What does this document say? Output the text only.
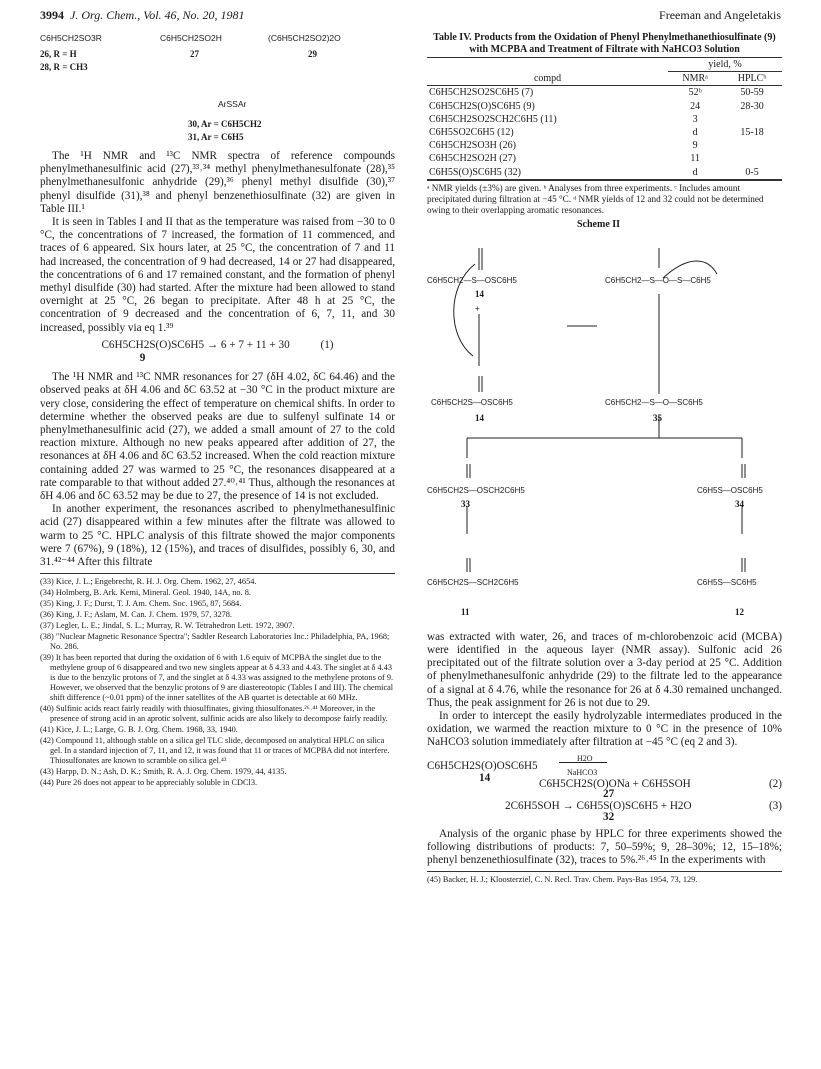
3994 J. Org. Chem., Vol. 46, No. 20, 1981	Freeman and Angeletakis
C6H5CH2SO3R	C6H5CH2SO2H	(C6H5CH2SO2)2O
26, R = H	27	29
28, R = CH3
ArSSAr
30, Ar = C6H5CH2
31, Ar = C6H5

The ¹H NMR and ¹³C NMR spectra of reference compounds phenylmethanesulfinic acid (27),³³˒³⁴ methyl phenylmethanesulfonate (28),³⁵ phenylmethanesulfonic anhydride (29),³⁶ phenyl methyl disulfide (30),³⁷ phenyl disulfide (31),³⁸ and phenyl benzenethiosulfinate (32) are given in Table III.¹

It is seen in Tables I and II that as the temperature was raised from −30 to 0 °C, the concentrations of 7 increased, the formation of 11 commenced, and traces of 6 appeared. Six hours later, at 25 °C, the concentration of 7 and 11 had increased, the concentration of 9 had decreased, 14 or 27 had disappeared, the concentrations of 6 and 17 remained constant, and the formation of phenyl methyl disulfide (30) had started. After the mixture had been allowed to stand overnight at 25 °C, 26 began to precipitate. After 48 h at 25 °C, the concentration of 9 decreased and the concentration of 6, 7, 11, and 30 increased, possibly via eq 1.³⁹

C6H5CH2S(O)SC6H5 → 6 + 7 + 11 + 30	(1)
9

The ¹H NMR and ¹³C NMR resonances for 27 (δH 4.02, δC 64.46) and the observed peaks at δH 4.06 and δC 63.52 at −30 °C in the product mixture are very close, considering the effect of temperature on chemical shifts. In order to determine whether the observed peaks are due to sulfenyl sulfinate 14 or phenylmethanesulfinic acid (27), we added a small amount of 27 to the cold reaction mixture. Although no new peaks appeared after addition of 27, the resonances at δH 4.06 and δC 63.52 increased. When the cold reaction mixture containing added 27 was warmed to 25 °C, the resonances disappeared at a rate comparable to that without added 27.⁴⁰˒⁴¹ Thus, although the resonances at δH 4.06 and δC 63.52 may be due to 27, the presence of 14 is not excluded.

In another experiment, the resonances ascribed to phenylmethanesulfinic acid (27) disappeared within a few minutes after the filtrate was allowed to warm to 25 °C. HPLC analysis of this filtrate showed the major components were 7 (67%), 9 (18%), 12 (15%), and traces of disulfides, possibly 6, 30, and 31.⁴²⁻⁴⁴ After this filtrate

(33) Kice, J. L.; Engebrecht, R. H. J. Org. Chem. 1962, 27, 4654.
(34) Holmberg, B. Ark. Kemi, Mineral. Geol. 1940, 14A, no. 8.
(35) King, J. F.; Durst, T. J. Am. Chem. Soc. 1965, 87, 5684.
(36) King, J. F.; Aslam, M. Can. J. Chem. 1979, 57, 3278.
(37) Legler, L. E.; Jindal, S. L.; Murray, R. W. Tetrahedron Lett. 1972, 3907.
(38) "Nuclear Magnetic Resonance Spectra"; Sadtler Research Laboratories Inc.: Philadelphia, PA, 1968; No. 286.
(39) It has been reported that during the oxidation of 6 with 1.6 equiv of MCPBA the singlet due to the methylene group of 6 disappeared and two new singlets appear at δ 4.33 and 4.43. The singlet at δ 4.43 is due to the benzylic protons of 7, and the singlet at δ 4.33 was assigned to the methylene protons of 9. However, we observed that the benzylic protons of 9 are diastereotopic (Tables I and III). The chemical shift difference (~0.01 ppm) of the inner satellites of the AB quartet is detectable at 60 MHz.
(40) Sulfinic acids react fairly readily with thiosulfinates, giving thiosulfonates.²⁶˒⁴¹ Moreover, in the presence of strong acid in an aprotic solvent, sulfinic acids are also likely to decompose fairly readily.
(41) Kice, J. L.; Large, G. B. J. Org. Chem. 1968, 33, 1940.
(42) Compound 11, although stable on a silica gel TLC slide, decomposed on analytical HPLC on silica gel. In a standard injection of 7, 11, and 12, it was found that 11 or traces of MCPBA did not interfere. Thiosulfonates are known to scramble on silica gel.⁴³
(43) Harpp, D. N.; Ash, D. K.; Smith, R. A. J. Org. Chem. 1979, 44, 4135.
(44) Pure 26 does not appear to be appreciably soluble in CDCl3.
Table IV. Products from the Oxidation of Phenyl Phenylmethanethiosulfinate (9) with MCPBA and Treatment of Filtrate with NaHCO3 Solution
	yield, %	
compd	NMRᵃ	HPLCᵇ
C6H5CH2SO2SC6H5 (7)	52ᵇ	50-59
C6H5CH2S(O)SC6H5 (9)	24	28-30
C6H5CH2SO2SCH2C6H5 (11)	3	
C6H5SO2C6H5 (12)	d	15-18
C6H5CH2SO3H (26)	9	
C6H5CH2SO2H (27)	11	
C6H5S(O)SC6H5 (32)	d	0-5
ᵃ NMR yields (±3%) are given. ᵇ Analyses from three experiments. ᶜ Includes amount precipitated during filtration at −45 °C. ᵈ NMR yields of 12 and 32 could not be determined owing to their overlapping aromatic resonances.
Scheme II
C6H5CH2—S—OSC6H5
14
+
C6H5CH2S—OSC6H5
14
C6H5CH2—S—O—S—C6H5
C6H5CH2—S—O—SC6H5
35
C6H5CH2S—OSCH2C6H5
33
C6H5S—OSC6H5
34
C6H5CH2S—SCH2C6H5
11
C6H5S—SC6H5
12

was extracted with water, 26, and traces of m-chlorobenzoic acid (MCBA) were identified in the aqueous layer (NMR assay). Sulfonic acid 26 precipitated out of the filtrate solution over a 3-day period at 25 °C. Addition of phenylmethanesulfonic anhydride (29) to the filtrate led to the appearance of a signal at δ 4.76, while the resonance for 26 at δ 4.30 remained unchanged. Thus, the peak assignment for 26 is not due to 29.

In order to intercept the easily hydrolyzable intermediates produced in the oxidation, we warmed the reaction mixture to 0 °C in the presence of 10% NaHCO3 solution immediately after filtration at −45 °C (eq 2 and 3).

C6H5CH2S(O)OSC6H5
14
H2O
NaHCO3
C6H5CH2S(O)ONa + C6H5SOH
27
(2)
2C6H5SOH → C6H5S(O)SC6H5 + H2O
32
(3)

Analysis of the organic phase by HPLC for three experiments showed the following distributions of products: 7, 50–59%; 9, 28–30%; 12, 15–18%; phenyl benzenethiosulfinate (32), traces to 5%.²⁶˒⁴⁵ In the experiments with

(45) Backer, H. J.; Kloosterziel, C. N. Recl. Trav. Chem. Pays-Bas 1954, 73, 129.
